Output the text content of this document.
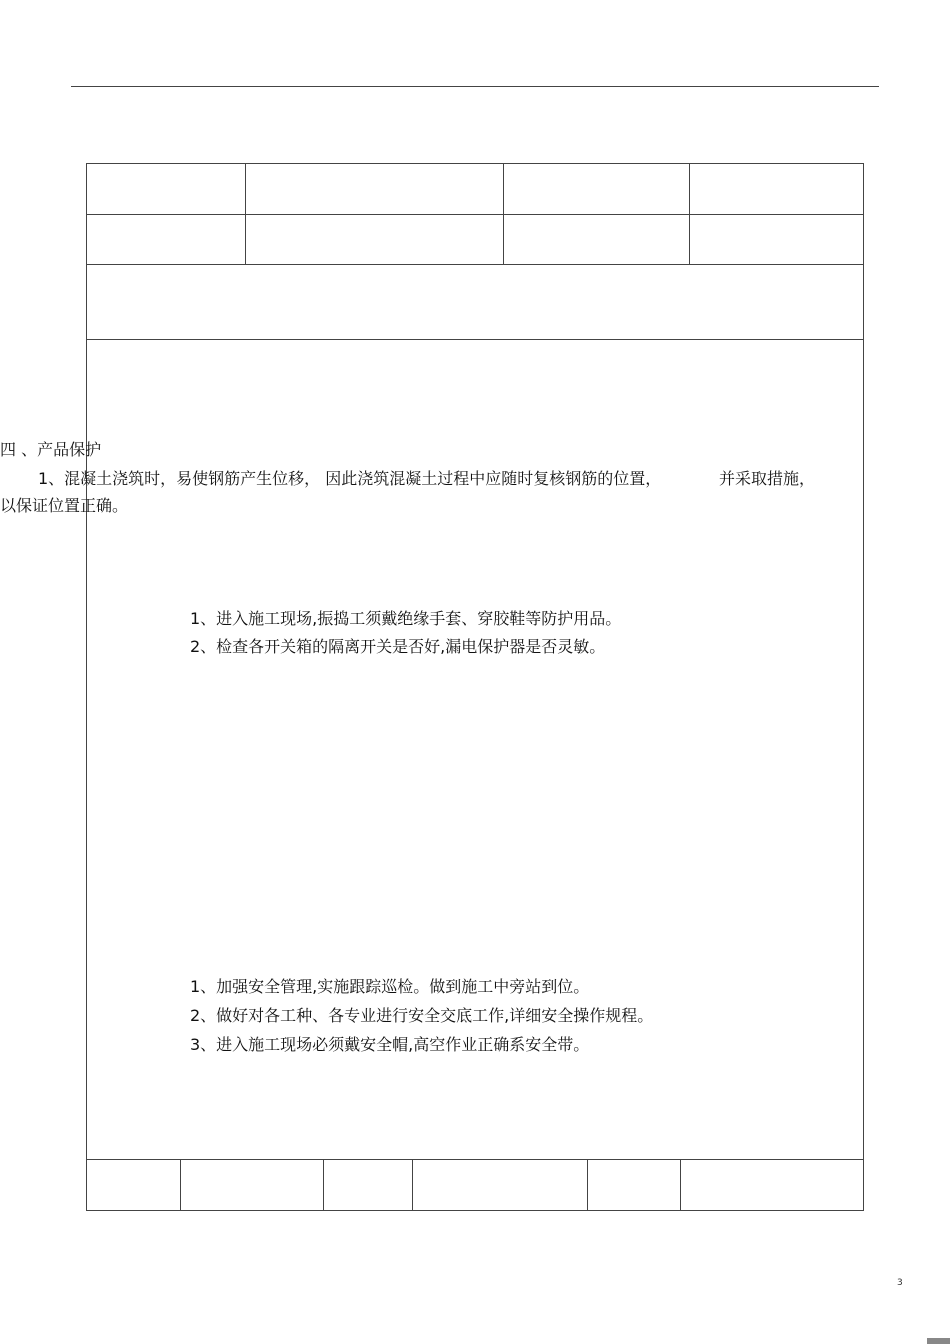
四 、产品保护
1、混凝土浇筑时，易使钢筋产生位移， 因此浇筑混凝土过程中应随时复核钢筋的位置，	并采取措施，
以保证位置正确。
1、进入施工现场,振捣工须戴绝缘手套、穿胶鞋等防护用品。
2、检查各开关箱的隔离开关是否好,漏电保护器是否灵敏。
1、加强安全管理,实施跟踪巡检。做到施工中旁站到位。
2、做好对各工种、各专业进行安全交底工作,详细安全操作规程。
3、进入施工现场必须戴安全帽,高空作业正确系安全带。
3
